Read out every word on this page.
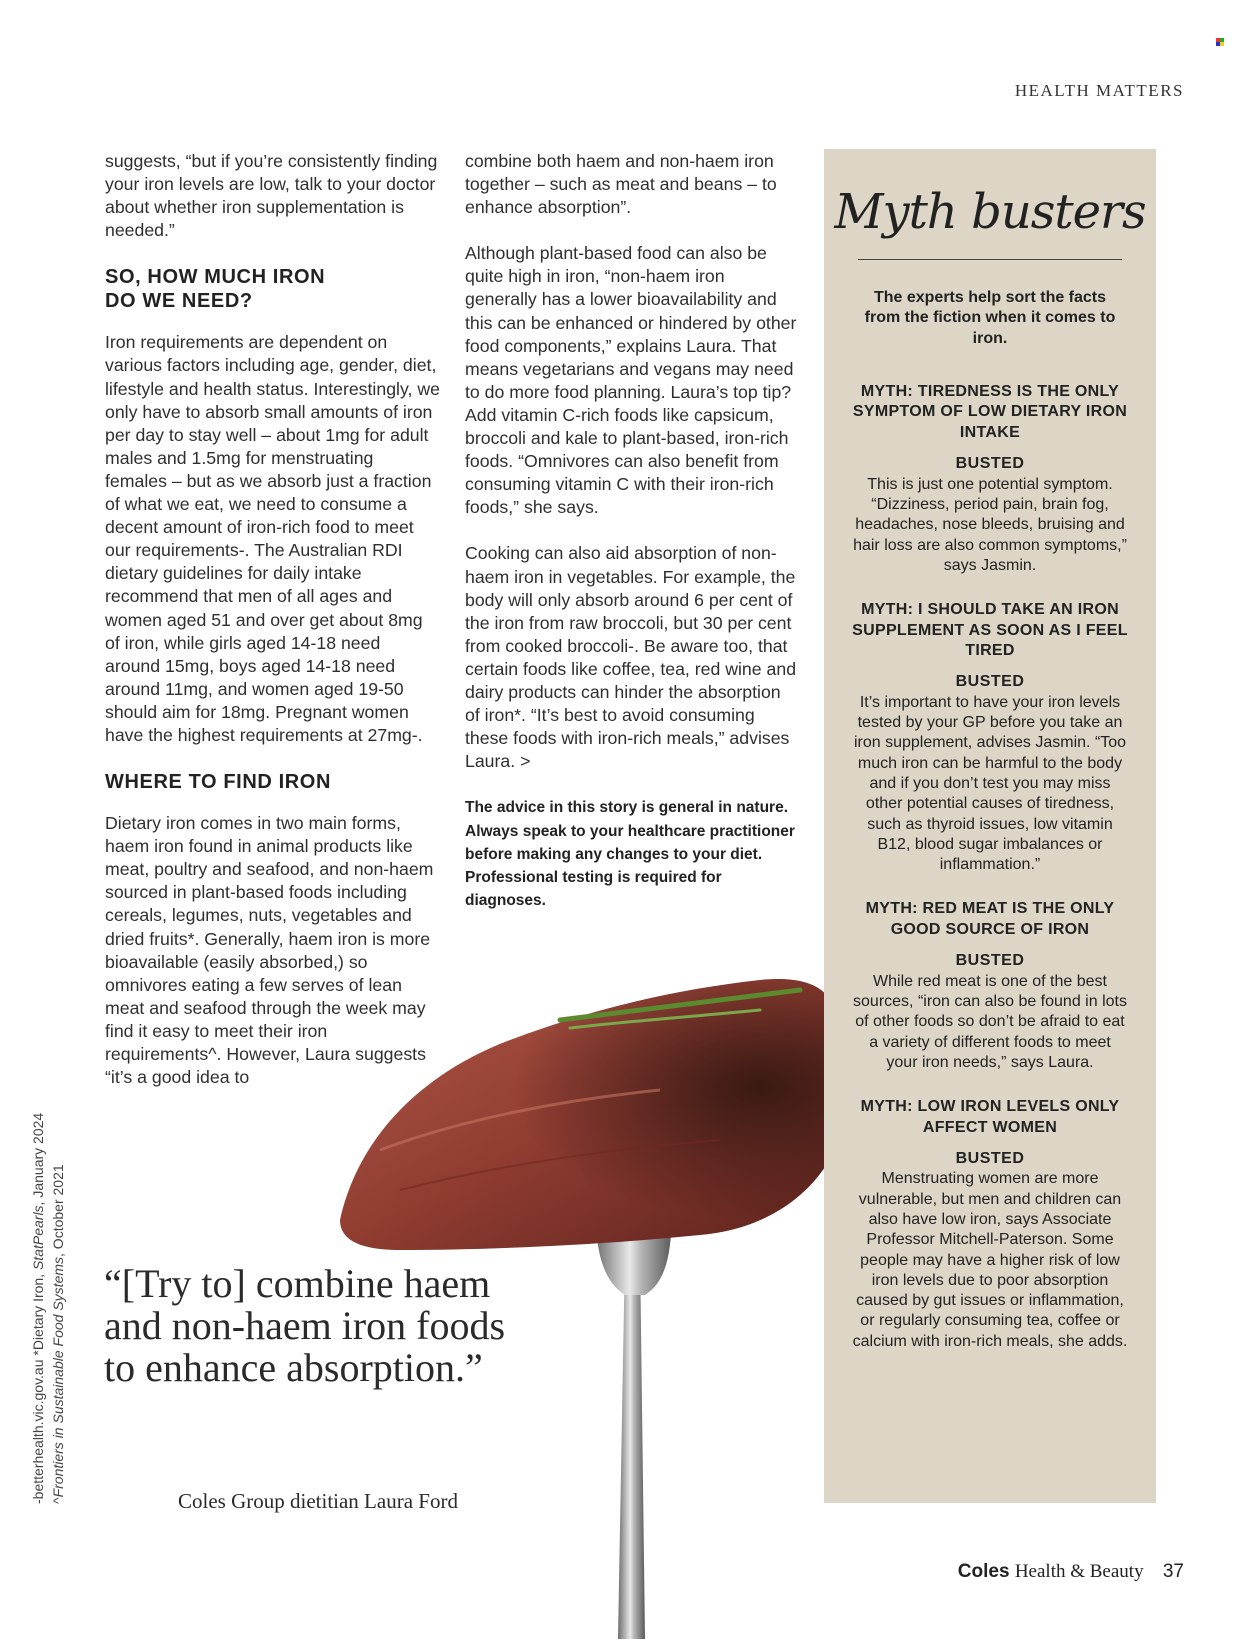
HEALTH MATTERS

suggests, “but if you’re consistently finding your iron levels are low, talk to your doctor about whether iron supplementation is needed.”

SO, HOW MUCH IRON DO WE NEED?

Iron requirements are dependent on various factors including age, gender, diet, lifestyle and health status. Interestingly, we only have to absorb small amounts of iron per day to stay well – about 1mg for adult males and 1.5mg for menstruating females – but as we absorb just a fraction of what we eat, we need to consume a decent amount of iron-rich food to meet our requirements-. The Australian RDI dietary guidelines for daily intake recommend that men of all ages and women aged 51 and over get about 8mg of iron, while girls aged 14-18 need around 15mg, boys aged 14-18 need around 11mg, and women aged 19-50 should aim for 18mg. Pregnant women have the highest requirements at 27mg-.

WHERE TO FIND IRON

Dietary iron comes in two main forms, haem iron found in animal products like meat, poultry and seafood, and non-haem sourced in plant-based foods including cereals, legumes, nuts, vegetables and dried fruits*. Generally, haem iron is more bioavailable (easily absorbed,) so omnivores eating a few serves of lean meat and seafood through the week may find it easy to meet their iron requirements^. However, Laura suggests “it’s a good idea to

combine both haem and non-haem iron together – such as meat and beans – to enhance absorption”.

Although plant-based food can also be quite high in iron, “non-haem iron generally has a lower bioavailability and this can be enhanced or hindered by other food components,” explains Laura. That means vegetarians and vegans may need to do more food planning. Laura’s top tip? Add vitamin C-rich foods like capsicum, broccoli and kale to plant-based, iron-rich foods. “Omnivores can also benefit from consuming vitamin C with their iron-rich foods,” she says.

Cooking can also aid absorption of non-haem iron in vegetables. For example, the body will only absorb around 6 per cent of the iron from raw broccoli, but 30 per cent from cooked broccoli-. Be aware too, that certain foods like coffee, tea, red wine and dairy products can hinder the absorption of iron*. “It’s best to avoid consuming these foods with iron-rich meals,” advises Laura. >

The advice in this story is general in nature. Always speak to your healthcare practitioner before making any changes to your diet. Professional testing is required for diagnoses.
“[Try to] combine haem and non-haem iron foods to enhance absorption.”
Coles Group dietitian Laura Ford
-betterhealth.vic.gov.au *Dietary Iron, StatPearls, January 2024
^Frontiers in Sustainable Food Systems, October 2021
Myth busters
The experts help sort the facts from the fiction when it comes to iron.
MYTH: TIREDNESS IS THE ONLY SYMPTOM OF LOW DIETARY IRON INTAKE
BUSTED
This is just one potential symptom. “Dizziness, period pain, brain fog, headaches, nose bleeds, bruising and hair loss are also common symptoms,” says Jasmin.
MYTH: I SHOULD TAKE AN IRON SUPPLEMENT AS SOON AS I FEEL TIRED
BUSTED
It’s important to have your iron levels tested by your GP before you take an iron supplement, advises Jasmin. “Too much iron can be harmful to the body and if you don’t test you may miss other potential causes of tiredness, such as thyroid issues, low vitamin B12, blood sugar imbalances or inflammation.”
MYTH: RED MEAT IS THE ONLY GOOD SOURCE OF IRON
BUSTED
While red meat is one of the best sources, “iron can also be found in lots of other foods so don’t be afraid to eat a variety of different foods to meet your iron needs,” says Laura.
MYTH: LOW IRON LEVELS ONLY AFFECT WOMEN
BUSTED
Menstruating women are more vulnerable, but men and children can also have low iron, says Associate Professor Mitchell-Paterson. Some people may have a higher risk of low iron levels due to poor absorption caused by gut issues or inflammation, or regularly consuming tea, coffee or calcium with iron-rich meals, she adds.
Coles Health & Beauty 37
